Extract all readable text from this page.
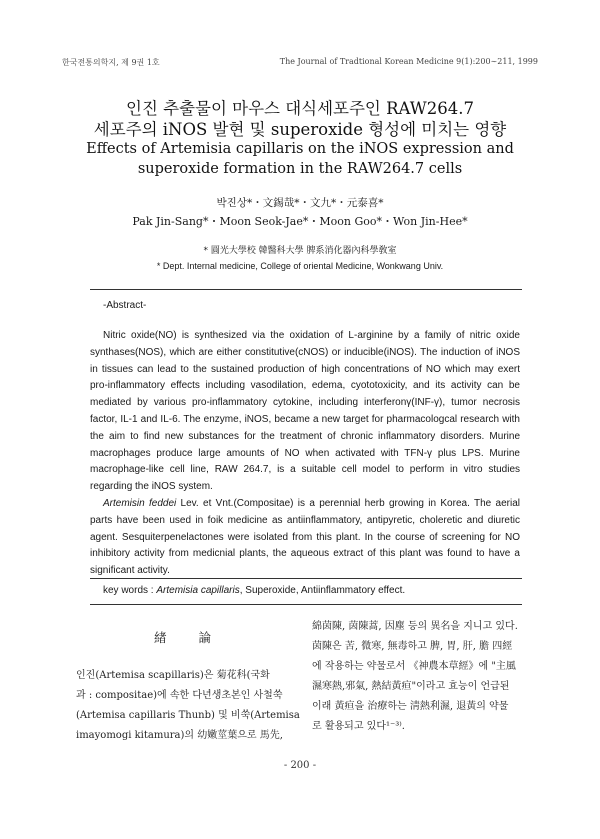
한국전통의학지, 제 9권 1호	The Journal of Tradtional Korean Medicine 9(1):200∼211, 1999
인진 추출물이 마우스 대식세포주인 RAW264.7
세포주의 iNOS 발현 및 superoxide 형성에 미치는 영향
Effects of Artemisia capillaris on the iNOS expression and
superoxide formation in the RAW264.7 cells
박진상*・文錫哉*・文九*・元泰喜*
Pak Jin-Sang*・Moon Seok-Jae*・Moon Goo*・Won Jin-Hee*
* 圓光大學校 韓醫科大學 脾系消化器內科學敎室
* Dept. Internal medicine, College of oriental Medicine, Wonkwang Univ.
-Abstract-

Nitric oxide(NO) is synthesized via the oxidation of L-arginine by a family of nitric oxide synthases(NOS), which are either constitutive(cNOS) or inducible(iNOS). The induction of iNOS in tissues can lead to the sustained production of high concentrations of NO which may exert pro-inflammatory effects including vasodilation, edema, cyototoxicity, and its activity can be mediated by various pro-inflammatory cytokine, including interferonγ(INF-γ), tumor necrosis factor, IL-1 and IL-6. The enzyme, iNOS, became a new target for pharmacologcal research with the aim to find new substances for the treatment of chronic inflammatory disorders. Murine macrophages produce large amounts of NO when activated with TFN-γ plus LPS. Murine macrophage-like cell line, RAW 264.7, is a suitable cell model to perform in vitro studies regarding the iNOS system.

Artemisin feddei Lev. et Vnt.(Compositae) is a perennial herb growing in Korea. The aerial parts have been used in foik medicine as antiinflammatory, antipyretic, choleretic and diuretic agent. Sesquiterpenelactones were isolated from this plant. In the course of screening for NO inhibitory activity from medicnial plants, the aqueous extract of this plant was found to have a significant activity.

key words : Artemisia capillaris, Superoxide, Antiinflammatory effect.
緖 論
인진(Artemisa scapillaris)은 菊花科(국화
과 : compositae)에 속한 다년생초본인 사철쑥
(Artemisa capillaris Thunb) 및 비쑥(Artemisa
imayomogi kitamura)의 幼嫩莖葉으로 馬先,
綿茵陳, 茵陳蒿, 因塵 등의 異名을 지니고 있다.
茵陳은 苦, 微寒, 無毒하고 脾, 胃, 肝, 膽 四經
에 작용하는 약물로서 《神農本草經》에 "主風
濕寒熱,邪氣, 熱結黃疸"이라고 효능이 언급된
이래 黃疸을 治療하는 淸熱利濕, 退黃의 약물
로 활용되고 있다¹⁻³⁾.
- 200 -
